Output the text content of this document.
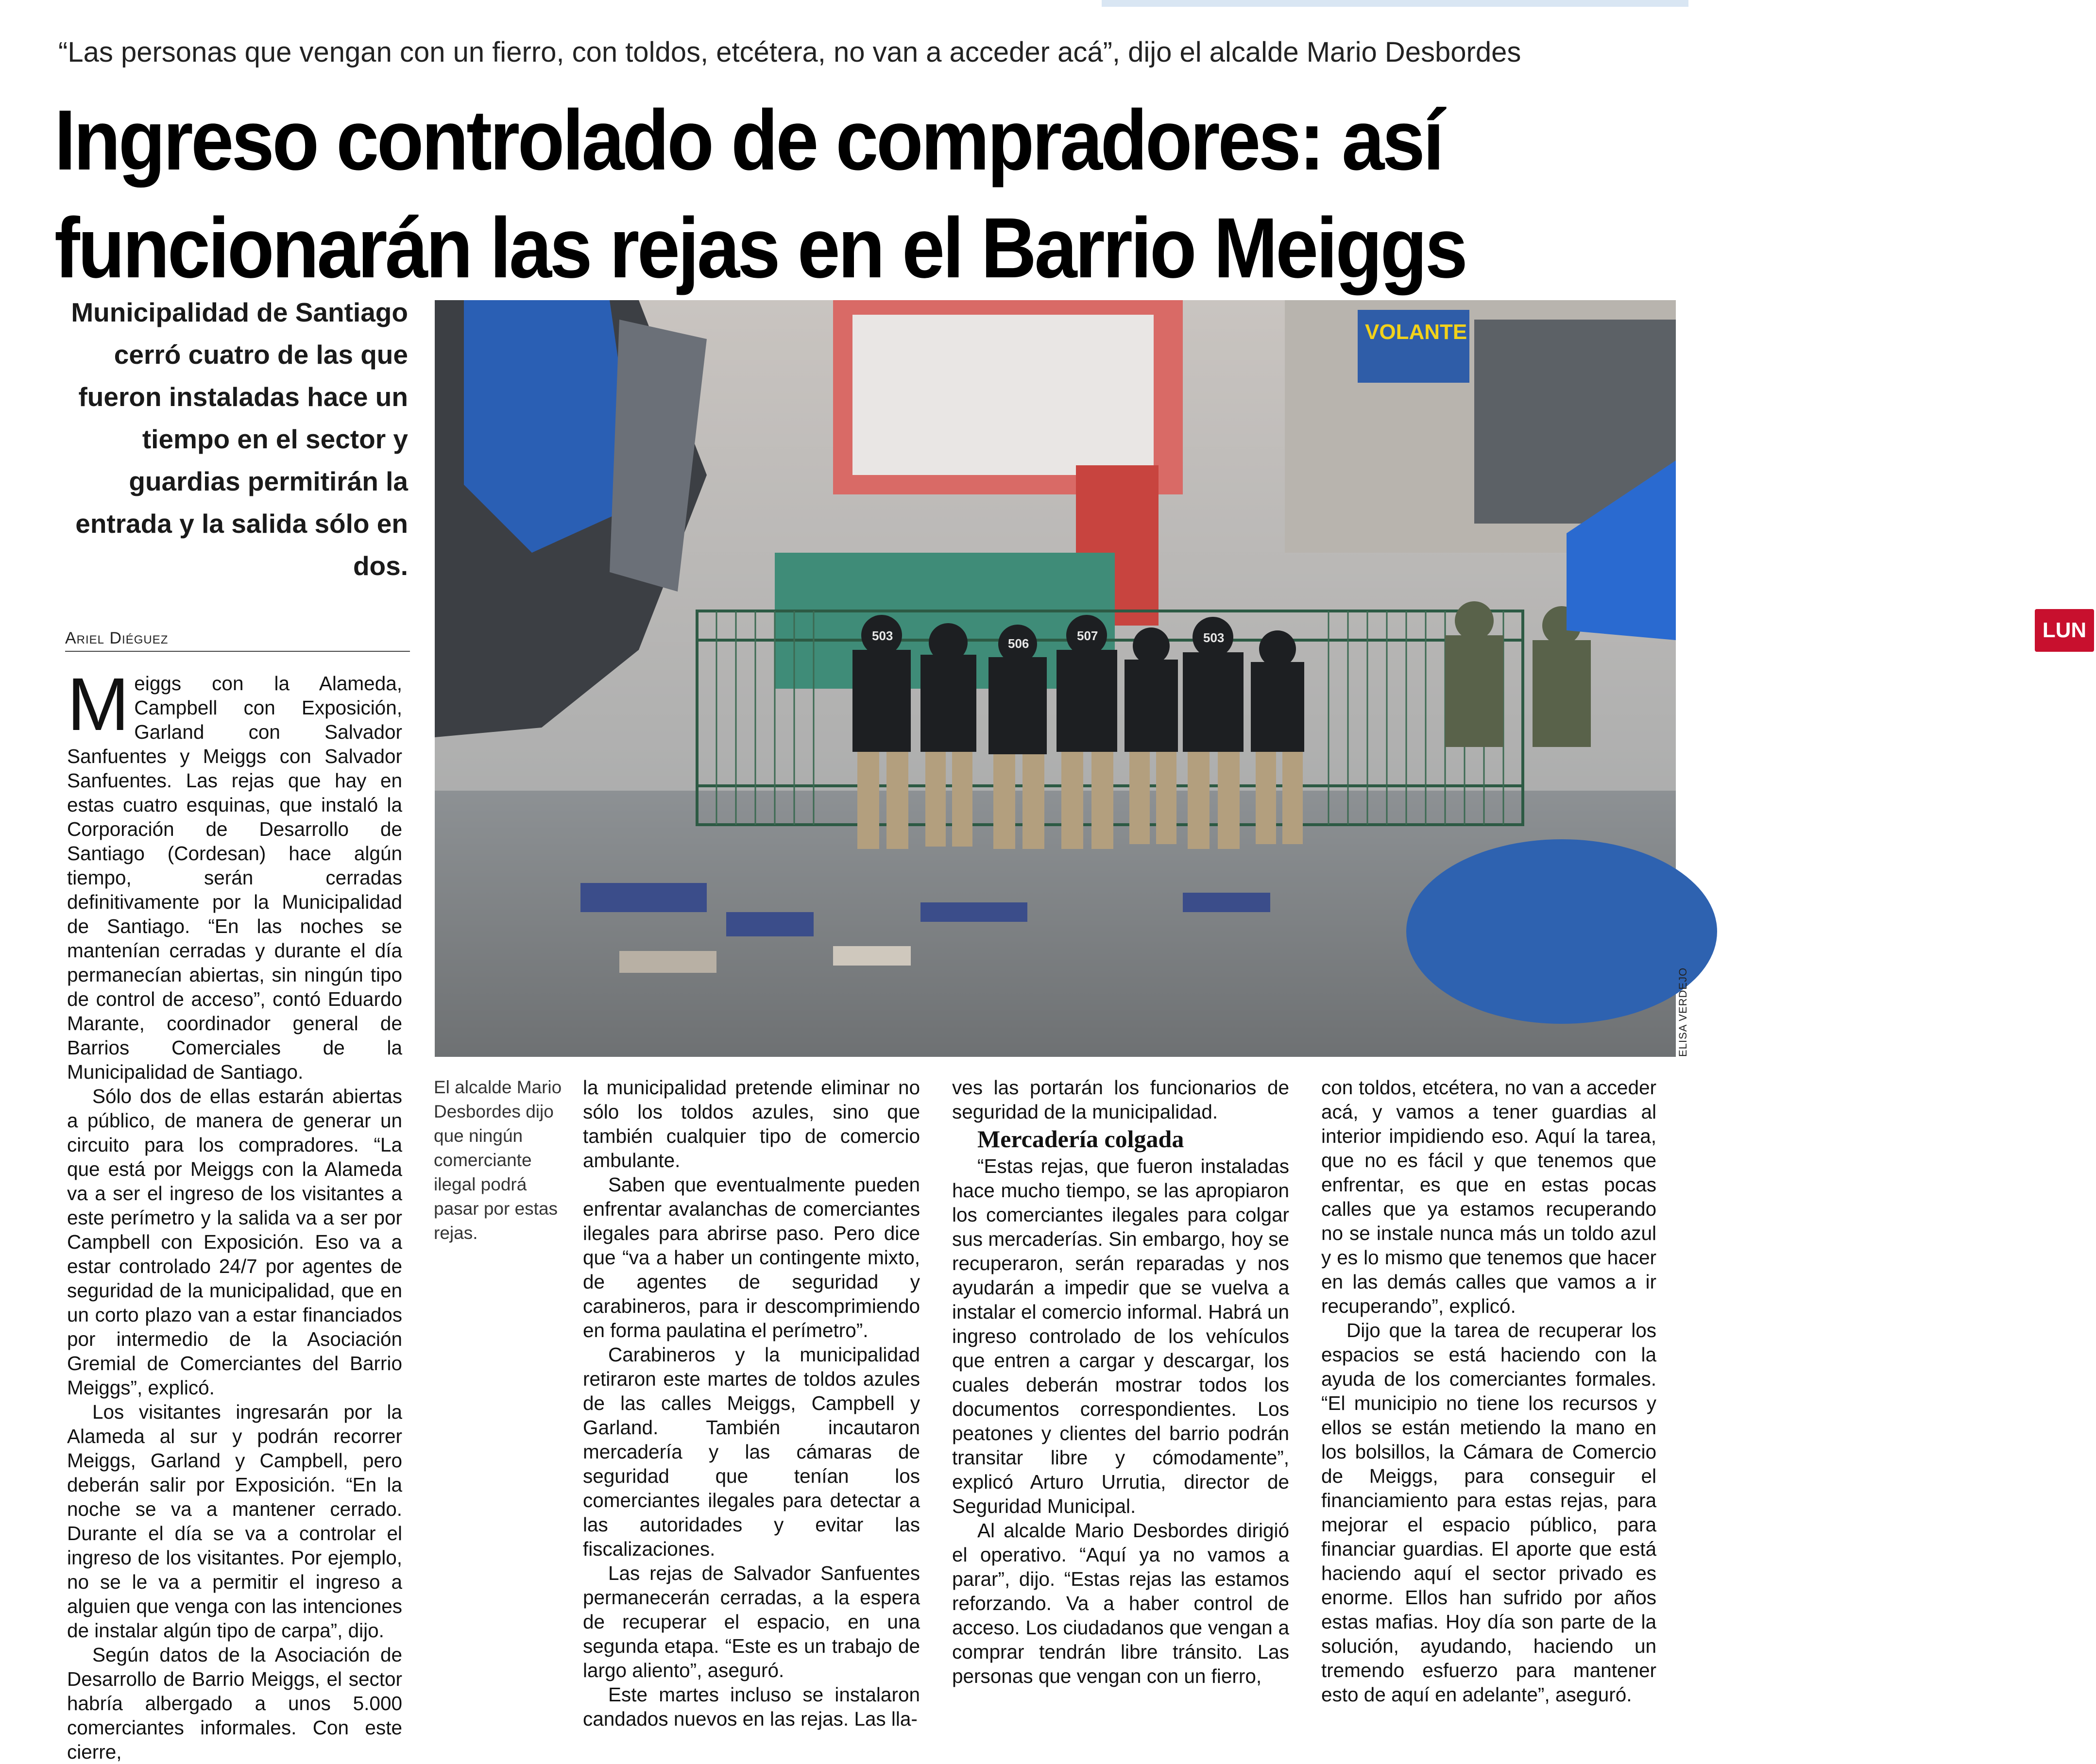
“Las personas que vengan con un fierro, con toldos, etcétera, no van a acceder acá”, dijo el alcalde Mario Desbordes
Ingreso controlado de compradores: así
funcionarán las rejas en el Barrio Meiggs
Municipalidad de Santiago cerró cuatro de las que fueron instaladas hace un tiempo en el sector y guardias permitirán la entrada y la salida sólo en dos.
Ariel Diéguez
VOLANTE
503
506
507	503	LUN
ELISA VERDEJO
El alcalde Mario Desbordes dijo que ningún comerciante ilegal podrá pasar por estas rejas.

Meiggs con la Alameda, Campbell con Exposición, Garland con Salvador Sanfuentes y Meiggs con Salvador Sanfuentes. Las rejas que hay en estas cuatro esquinas, que instaló la Corporación de Desarrollo de Santiago (Cordesan) hace algún tiempo, serán cerradas definitivamente por la Municipalidad de Santiago. “En las noches se mantenían cerradas y durante el día permanecían abiertas, sin ningún tipo de control de acceso”, contó Eduardo Marante, coordinador general de Barrios Comerciales de la Municipalidad de Santiago.

Sólo dos de ellas estarán abiertas a público, de manera de generar un circuito para los compradores. “La que está por Meiggs con la Alameda va a ser el ingreso de los visitantes a este perímetro y la salida va a ser por Campbell con Exposición. Eso va a estar controlado 24/7 por agentes de seguridad de la municipalidad, que en un corto plazo van a estar financiados por intermedio de la Asociación Gremial de Comerciantes del Barrio Meiggs”, explicó.

Los visitantes ingresarán por la Alameda al sur y podrán recorrer Meiggs, Garland y Campbell, pero deberán salir por Exposición. “En la noche se va a mantener cerrado. Durante el día se va a controlar el ingreso de los visitantes. Por ejemplo, no se le va a permitir el ingreso a alguien que venga con las intenciones de instalar algún tipo de carpa”, dijo.

Según datos de la Asociación de Desarrollo de Barrio Meiggs, el sector habría albergado a unos 5.000 comerciantes informales. Con este cierre,

la municipalidad pretende eliminar no sólo los toldos azules, sino que también cualquier tipo de comercio ambulante.

Saben que eventualmente pueden enfrentar avalanchas de comerciantes ilegales para abrirse paso. Pero dice que “va a haber un contingente mixto, de agentes de seguridad y carabineros, para ir descomprimiendo en forma paulatina el perímetro”.

Carabineros y la municipalidad retiraron este martes de toldos azules de las calles Meiggs, Campbell y Garland. También incautaron mercadería y las cámaras de seguridad que tenían los comerciantes ilegales para detectar a las autoridades y evitar las fiscalizaciones.

Las rejas de Salvador Sanfuentes permanecerán cerradas, a la espera de recuperar el espacio, en una segunda etapa. “Este es un trabajo de largo aliento”, aseguró.

Este martes incluso se instalaron candados nuevos en las rejas. Las lla-

ves las portarán los funcionarios de seguridad de la municipalidad.

Mercadería colgada

“Estas rejas, que fueron instaladas hace mucho tiempo, se las apropiaron los comerciantes ilegales para colgar sus mercaderías. Sin embargo, hoy se recuperaron, serán reparadas y nos ayudarán a impedir que se vuelva a instalar el comercio informal. Habrá un ingreso controlado de los vehículos que entren a cargar y descargar, los cuales deberán mostrar todos los documentos correspondientes. Los peatones y clientes del barrio podrán transitar libre y cómodamente”, explicó Arturo Urrutia, director de Seguridad Municipal.

Al alcalde Mario Desbordes dirigió el operativo. “Aquí ya no vamos a parar”, dijo. “Estas rejas las estamos reforzando. Va a haber control de acceso. Los ciudadanos que vengan a comprar tendrán libre tránsito. Las personas que vengan con un fierro,

con toldos, etcétera, no van a acceder acá, y vamos a tener guardias al interior impidiendo eso. Aquí la tarea, que no es fácil y que tenemos que enfrentar, es que en estas pocas calles que ya estamos recuperando no se instale nunca más un toldo azul y es lo mismo que tenemos que hacer en las demás calles que vamos a ir recuperando”, explicó.

Dijo que la tarea de recuperar los espacios se está haciendo con la ayuda de los comerciantes formales. “El municipio no tiene los recursos y ellos se están metiendo la mano en los bolsillos, la Cámara de Comercio de Meiggs, para conseguir el financiamiento para estas rejas, para mejorar el espacio público, para financiar guardias. El aporte que está haciendo aquí el sector privado es enorme. Ellos han sufrido por años estas mafias. Hoy día son parte de la solución, ayudando, haciendo un tremendo esfuerzo para mantener esto de aquí en adelante”, aseguró.
